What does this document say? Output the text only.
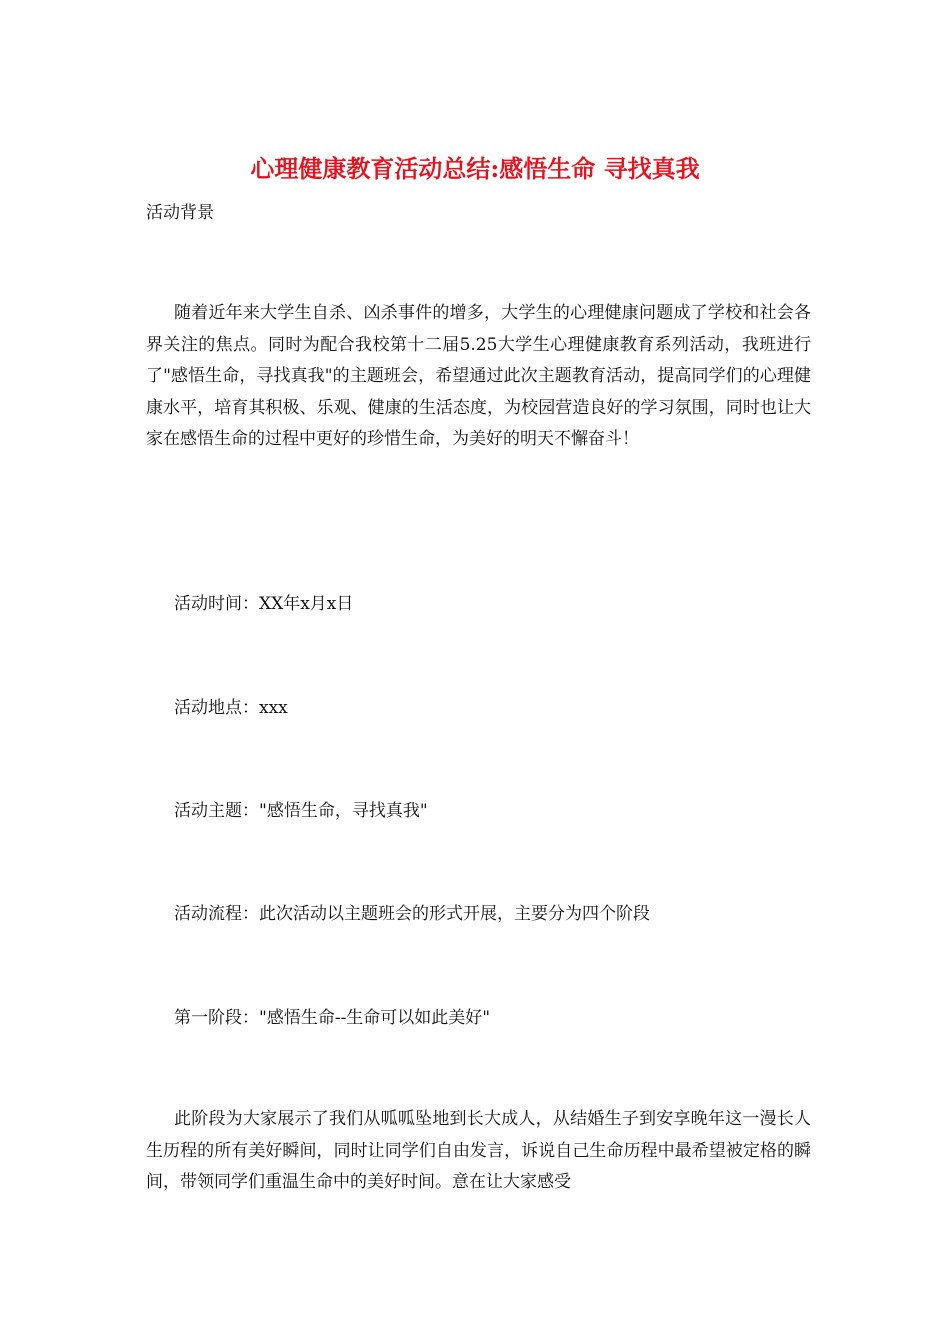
心理健康教育活动总结:感悟生命 寻找真我
活动背景

随着近年来大学生自杀、凶杀事件的增多，大学生的心理健康问题成了学校和社会各界关注的焦点。同时为配合我校第十二届5.25大学生心理健康教育系列活动，我班进行了"感悟生命，寻找真我"的主题班会，希望通过此次主题教育活动，提高同学们的心理健康水平，培育其积极、乐观、健康的生活态度，为校园营造良好的学习氛围，同时也让大家在感悟生命的过程中更好的珍惜生命，为美好的明天不懈奋斗！

活动时间：XX年x月x日
活动地点：xxx
活动主题："感悟生命，寻找真我"
活动流程：此次活动以主题班会的形式开展，主要分为四个阶段
第一阶段："感悟生命--生命可以如此美好"

此阶段为大家展示了我们从呱呱坠地到长大成人，从结婚生子到安享晚年这一漫长人生历程的所有美好瞬间，同时让同学们自由发言，诉说自己生命历程中最希望被定格的瞬间，带领同学们重温生命中的美好时间。意在让大家感受
